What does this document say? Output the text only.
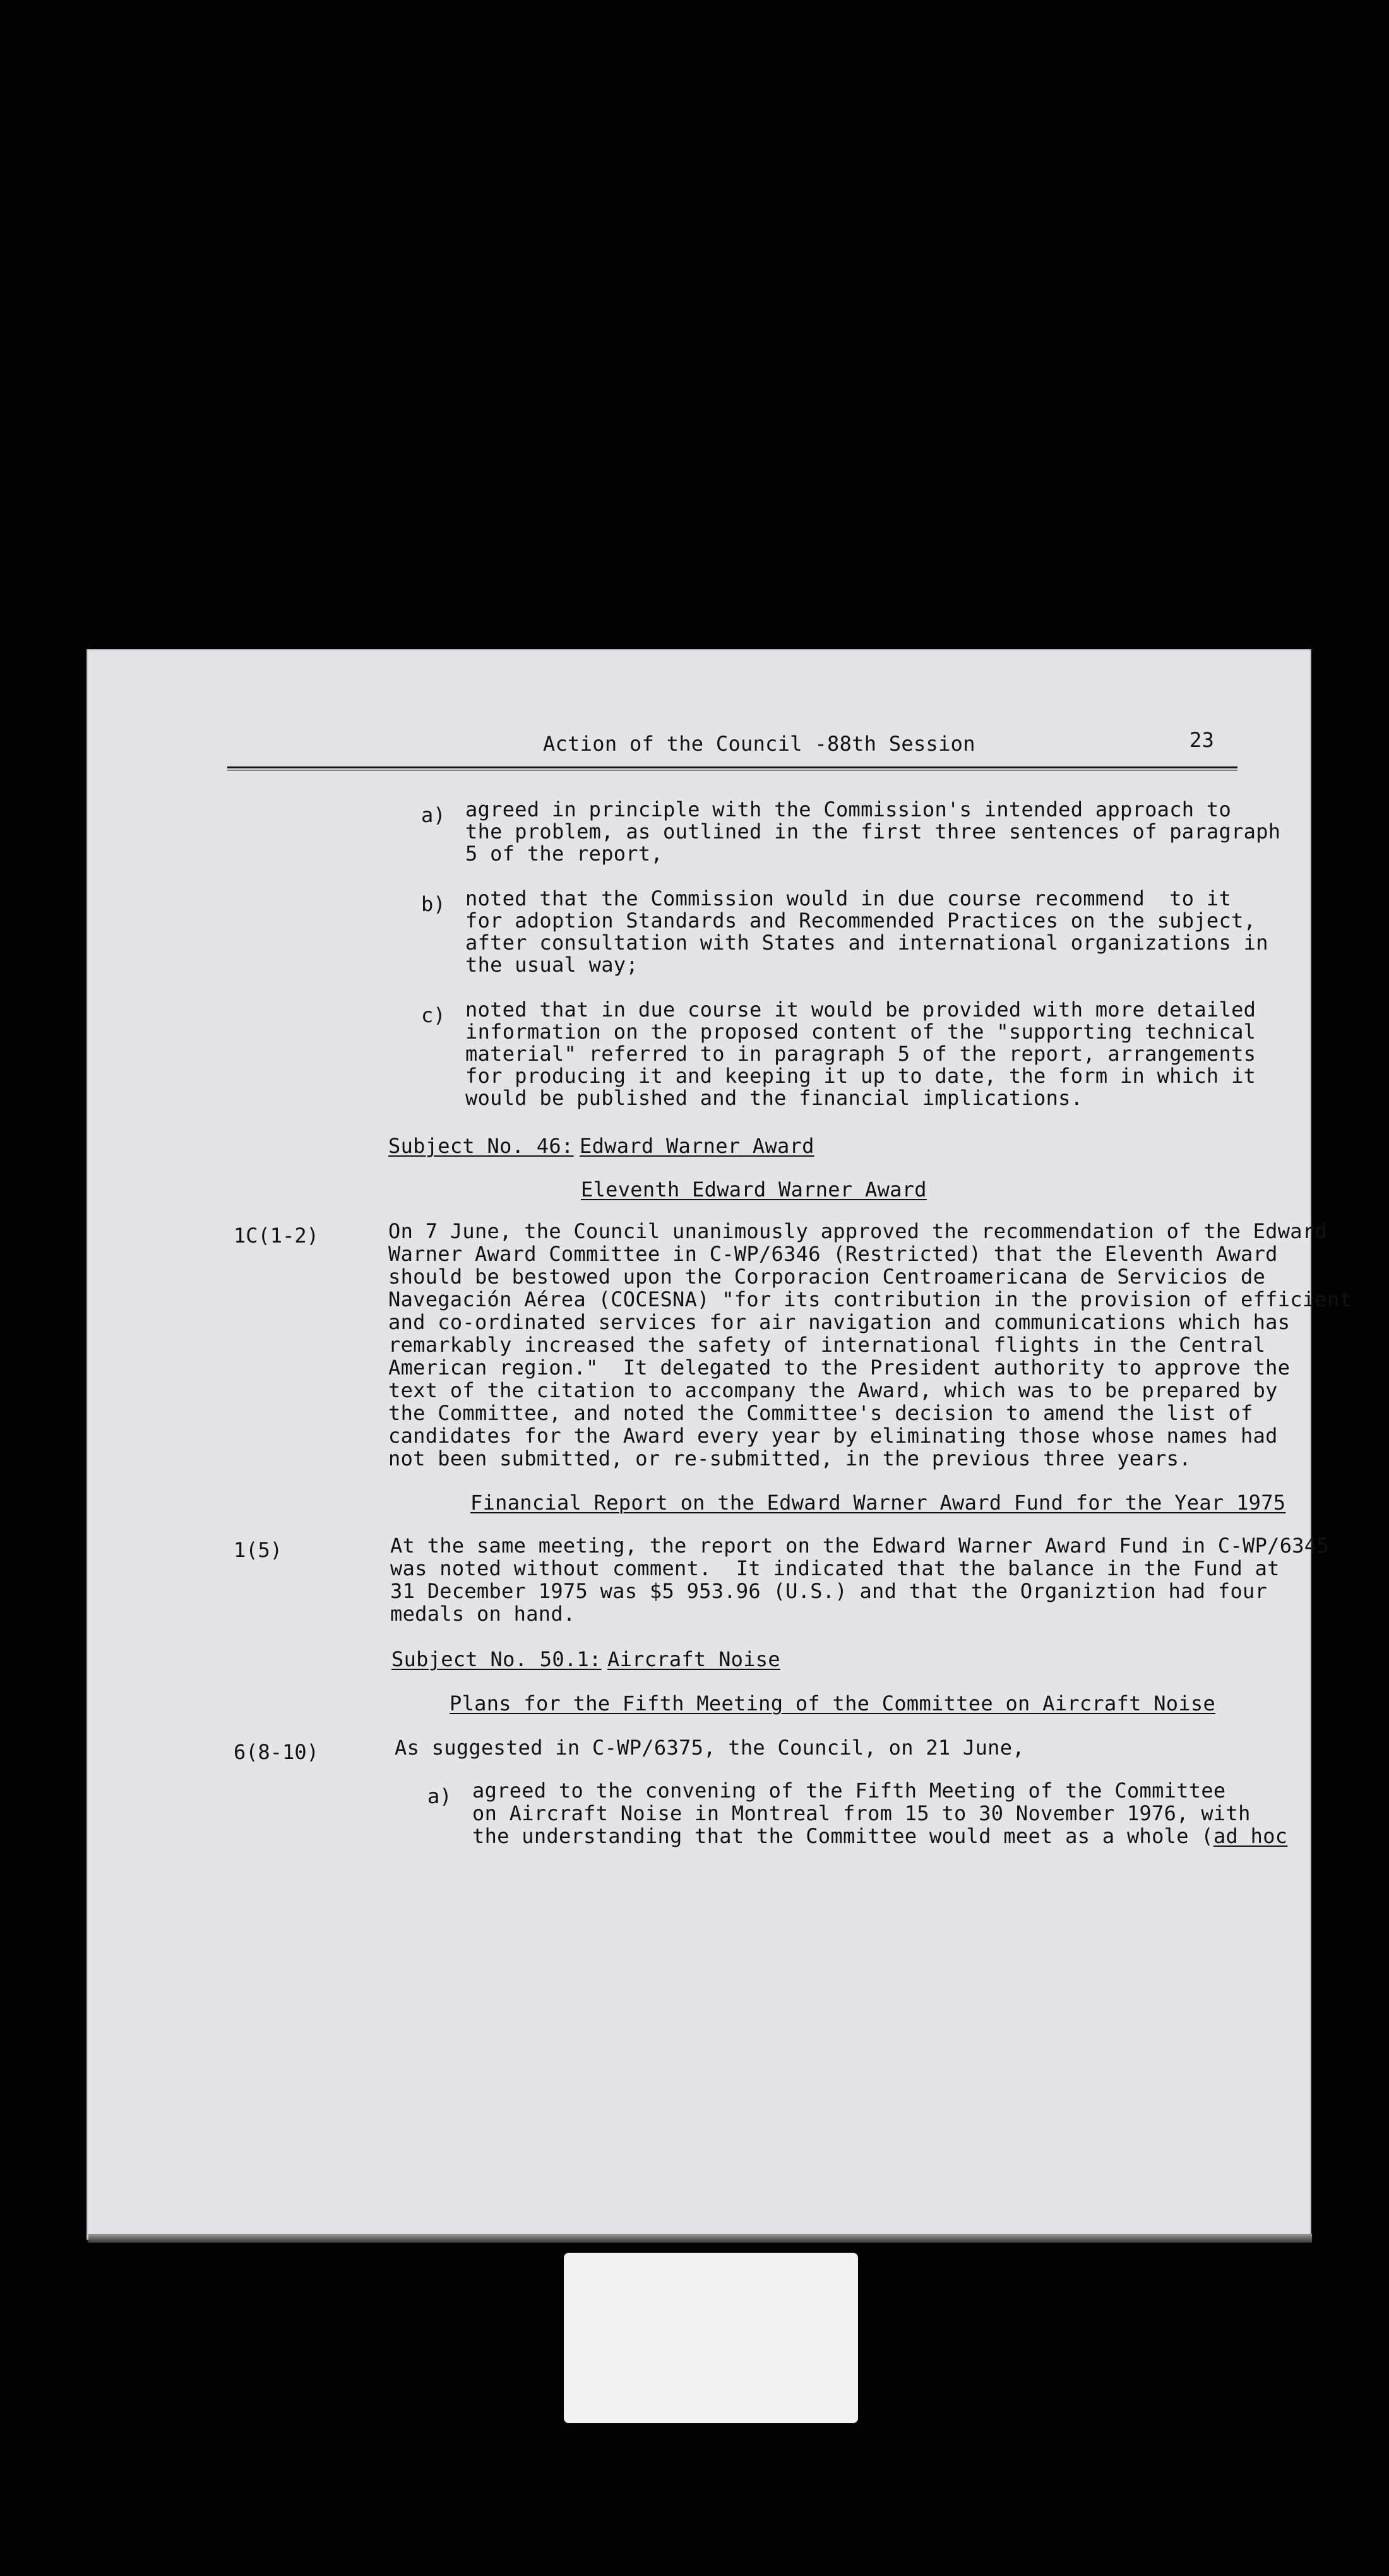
Action of the Council -88th Session	23
a) agreed in principle with the Commission's intended approach to
the problem, as outlined in the first three sentences of paragraph
5 of the report,
b) noted that the Commission would in due course recommend  to it
for adoption Standards and Recommended Practices on the subject,
after consultation with States and international organizations in
the usual way;
c) noted that in due course it would be provided with more detailed
information on the proposed content of the "supporting technical
material" referred to in paragraph 5 of the report, arrangements
for producing it and keeping it up to date, the form in which it
would be published and the financial implications.
Subject No. 46: Edward Warner Award
Eleventh Edward Warner Award
1C(1-2)	On 7 June, the Council unanimously approved the recommendation of the Edward
Warner Award Committee in C-WP/6346 (Restricted) that the Eleventh Award
should be bestowed upon the Corporacion Centroamericana de Servicios de
Navegación Aérea (COCESNA) "for its contribution in the provision of efficient
and co-ordinated services for air navigation and communications which has
remarkably increased the safety of international flights in the Central
American region."  It delegated to the President authority to approve the
text of the citation to accompany the Award, which was to be prepared by
the Committee, and noted the Committee's decision to amend the list of
candidates for the Award every year by eliminating those whose names had
not been submitted, or re-submitted, in the previous three years.
Financial Report on the Edward Warner Award Fund for the Year 1975
1(5)	At the same meeting, the report on the Edward Warner Award Fund in C-WP/6345
was noted without comment.  It indicated that the balance in the Fund at
31 December 1975 was $5 953.96 (U.S.) and that the Organiztion had four
medals on hand.
Subject No. 50.1: Aircraft Noise
Plans for the Fifth Meeting of the Committee on Aircraft Noise
6(8-10)	As suggested in C-WP/6375, the Council, on 21 June,
a) agreed to the convening of the Fifth Meeting of the Committee
on Aircraft Noise in Montreal from 15 to 30 November 1976, with
the understanding that the Committee would meet as a whole (ad hoc
